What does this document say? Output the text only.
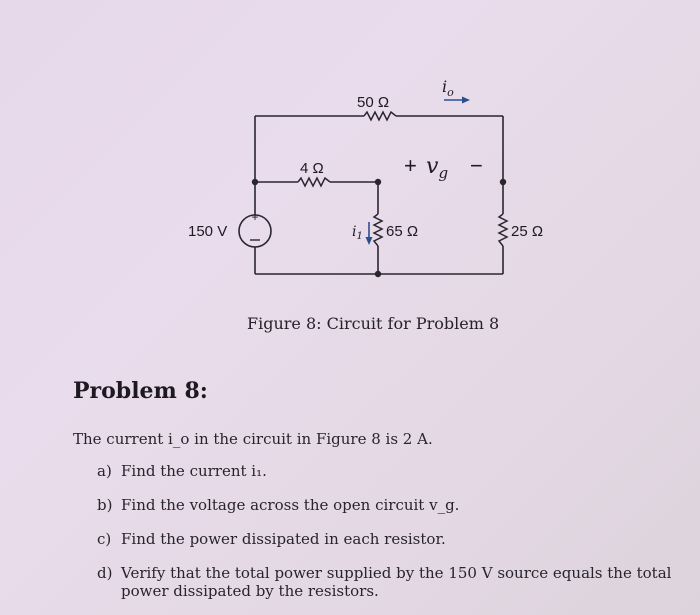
+
50 Ω
4 Ω
65 Ω	25 Ω
150 V
$i_o$
$i_1$
+ $v_g$ −
Figure 8: Circuit for Problem 8
Problem 8:
The current i_o in the circuit in Figure 8 is 2 A.
a) Find the current i₁.
b) Find the voltage across the open circuit v_g.
c) Find the power dissipated in each resistor.
d) Verify that the total power supplied by the 150 V source equals the total power dissipated by the resistors.
